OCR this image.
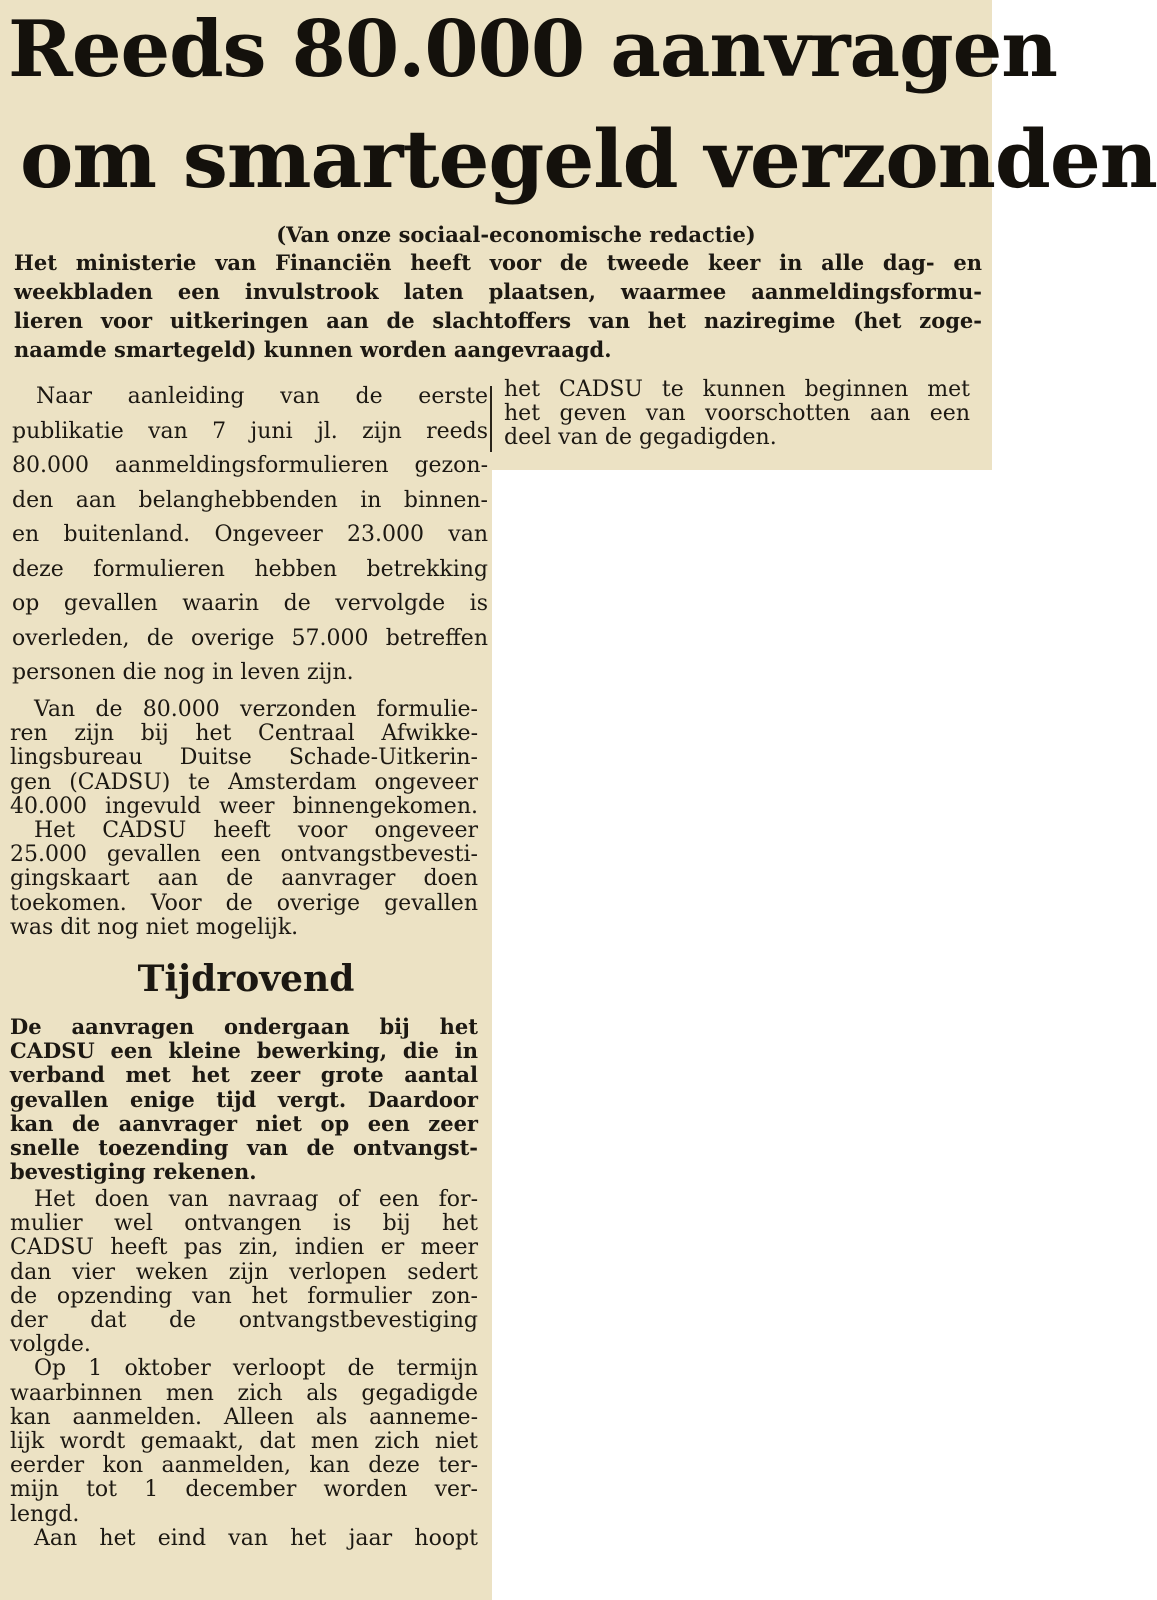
Reeds 80.000 aanvragen
om smartegeld verzonden
(Van onze sociaal-economische redactie)
Het ministerie van Financiën heeft voor de tweede keer in alle dag- en
weekbladen een invulstrook laten plaatsen, waarmee aanmeldingsformu-
lieren voor uitkeringen aan de slachtoffers van het naziregime (het zoge-
naamde smartegeld) kunnen worden aangevraagd.
Naar aanleiding van de eerste
publikatie van 7 juni jl. zijn reeds
80.000 aanmeldingsformulieren gezon-
den aan belanghebbenden in binnen-
en buitenland. Ongeveer 23.000 van
deze formulieren hebben betrekking
op gevallen waarin de vervolgde is
overleden, de overige 57.000 betreffen
personen die nog in leven zijn.
Van de 80.000 verzonden formulie-
ren zijn bij het Centraal Afwikke-
lingsbureau Duitse Schade-Uitkerin-
gen (CADSU) te Amsterdam ongeveer
40.000 ingevuld weer binnengekomen.
Het CADSU heeft voor ongeveer
25.000 gevallen een ontvangstbevesti-
gingskaart aan de aanvrager doen
toekomen. Voor de overige gevallen
was dit nog niet mogelijk.
Tijdrovend
De aanvragen ondergaan bij het
CADSU een kleine bewerking, die in
verband met het zeer grote aantal
gevallen enige tijd vergt. Daardoor
kan de aanvrager niet op een zeer
snelle toezending van de ontvangst-
bevestiging rekenen.
Het doen van navraag of een for-
mulier wel ontvangen is bij het
CADSU heeft pas zin, indien er meer
dan vier weken zijn verlopen sedert
de opzending van het formulier zon-
der dat de ontvangstbevestiging
volgde.
Op 1 oktober verloopt de termijn
waarbinnen men zich als gegadigde
kan aanmelden. Alleen als aanneme-
lijk wordt gemaakt, dat men zich niet
eerder kon aanmelden, kan deze ter-
mijn tot 1 december worden ver-
lengd.
Aan het eind van het jaar hoopt
het CADSU te kunnen beginnen met
het geven van voorschotten aan een
deel van de gegadigden.
